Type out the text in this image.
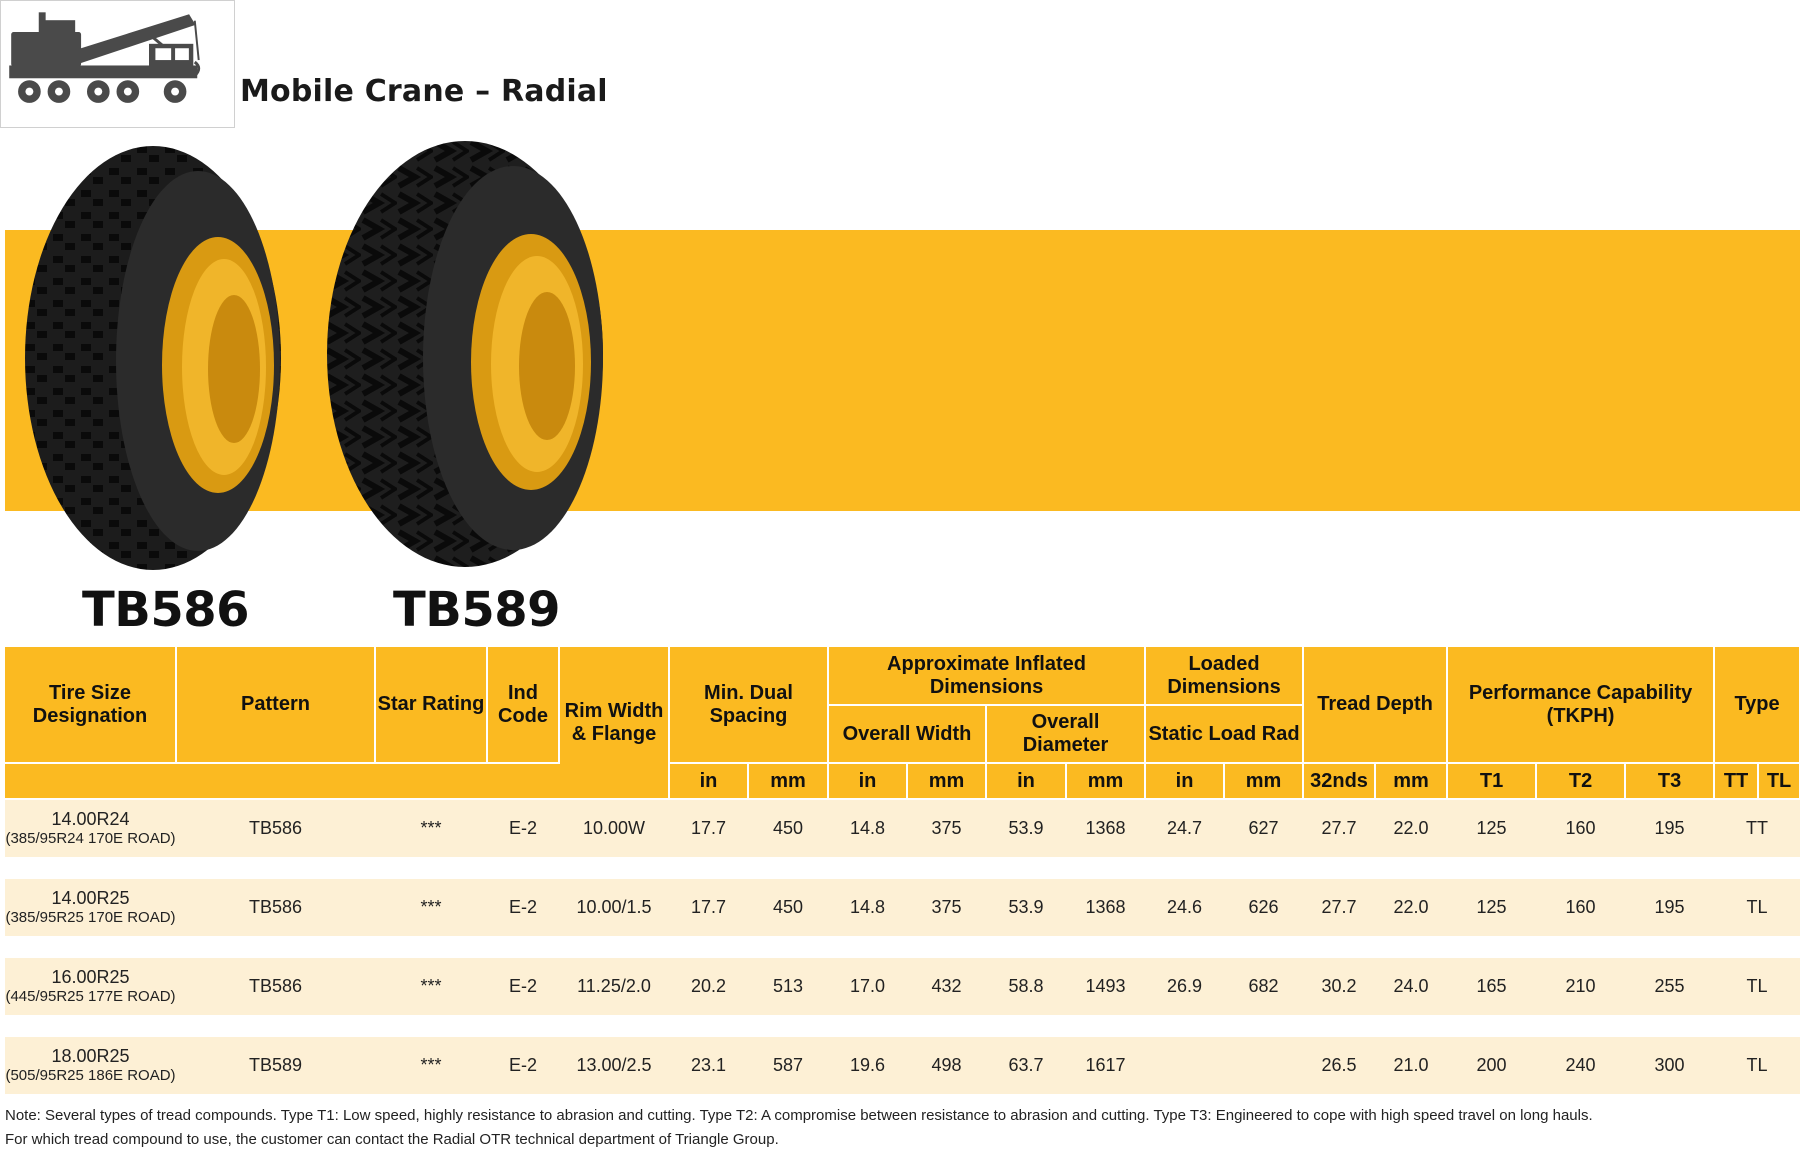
Mobile Crane – Radial
TB586	TB589
Tire Size Designation	Pattern	Star Rating	Ind Code	Rim Width & Flange	Min. Dual Spacing		Approximate Inflated Dimensions				Loaded Dimensions		Tread Depth		Performance Capability (TKPH)			Type	
							Overall Width		Overall Diameter		Static Load Rad								
					in	mm	in	mm	in	mm	in	mm	32nds	mm	T1	T2	T3	TT	TL
14.00R24
(385/95R24 170E ROAD)	TB586	***	E-2	10.00W	17.7	450	14.8	375	53.9	1368	24.7	627	27.7	22.0	125	160	195	TT	

14.00R25
(385/95R25 170E ROAD)	TB586	***	E-2	10.00/1.5	17.7	450	14.8	375	53.9	1368	24.6	626	27.7	22.0	125	160	195	TL	

16.00R25
(445/95R25 177E ROAD)	TB586	***	E-2	11.25/2.0	20.2	513	17.0	432	58.8	1493	26.9	682	30.2	24.0	165	210	255	TL	

18.00R25
(505/95R25 186E ROAD)	TB589	***	E-2	13.00/2.5	23.1	587	19.6	498	63.7	1617			26.5	21.0	200	240	300	TL	
Note: Several types of tread compounds. Type T1: Low speed, highly resistance to abrasion and cutting. Type T2: A compromise between resistance to abrasion and cutting. Type T3: Engineered to cope with high speed travel on long hauls.
For which tread compound to use, the customer can contact the Radial OTR technical department of Triangle Group.
